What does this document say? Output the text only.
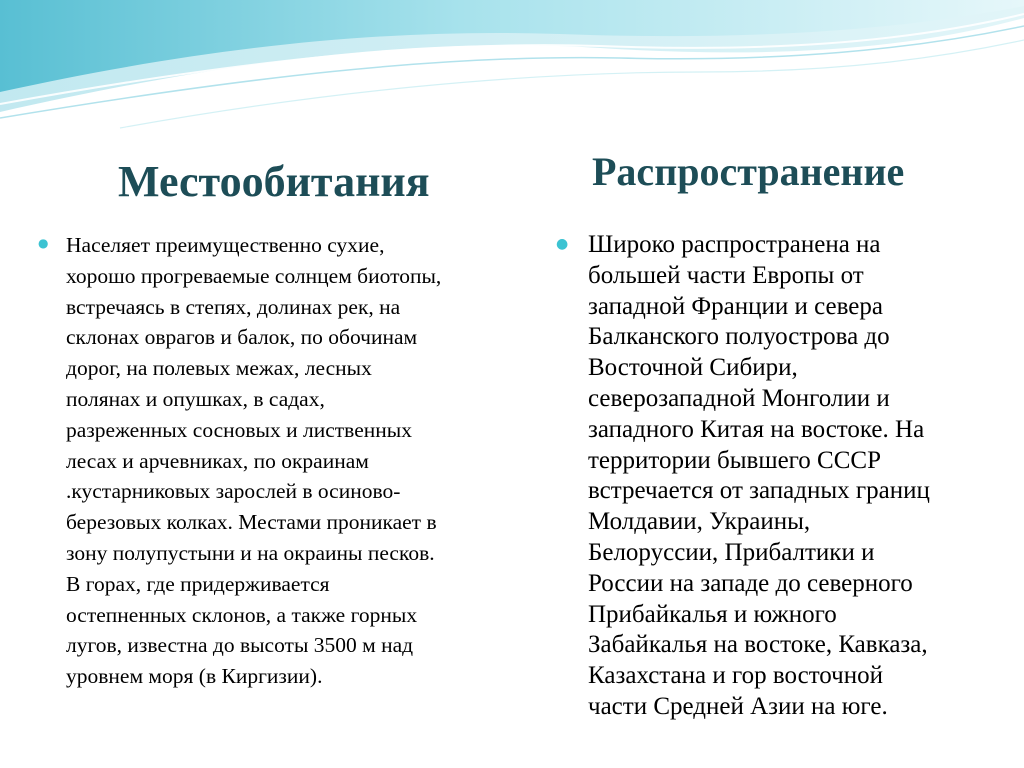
Местообитания	Распространение
● Населяет преимущественно сухие,
хорошо прогреваемые солнцем биотопы,
встречаясь в степях, долинах рек, на
склонах оврагов и балок, по обочинам
дорог, на полевых межах, лесных
полянах и опушках, в садах,
разреженных сосновых и лиственных
лесах и арчевниках, по окраинам
.кустарниковых зарослей в осиново-
березовых колках. Местами проникает в
зону полупустыни и на окраины песков.
В горах, где придерживается
остепненных склонов, а также горных
лугов, известна до высоты 3500 м над
уровнем моря (в Киргизии).
● Широко распространена на
большей части Европы от
западной Франции и севера
Балканского полуострова до
Восточной Сибири,
северозападной Монголии и
западного Китая на востоке. На
территории бывшего СССР
встречается от западных границ
Молдавии, Украины,
Белоруссии, Прибалтики и
России на западе до северного
Прибайкалья и южного
Забайкалья на востоке, Кавказа,
Казахстана и гор восточной
части Средней Азии на юге.
